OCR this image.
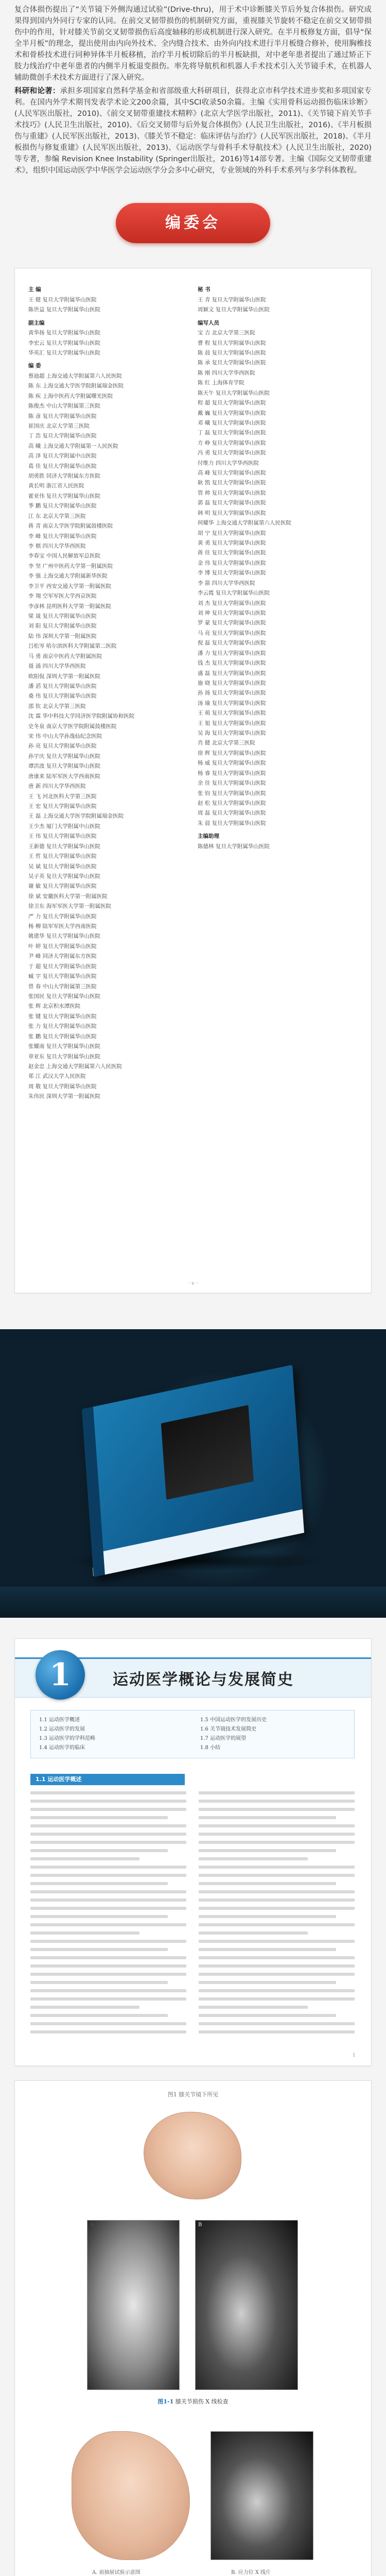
复合体损伤提出了“关节镜下外侧沟通过试验”(Drive-thru)，用于术中诊断膝关节后外复合体损伤。研究成果得到国内外同行专家的认同。在前交叉韧带损伤的机制研究方面，重视膝关节旋转不稳定在前交叉韧带损伤中的作用，针对膝关节前交叉韧带损伤后高度轴移的形成机制进行深入研究。在半月板修复方面，倡导“保全半月板”的理念，提出使用由内向外技术、全内缝合技术、由外向内技术进行半月板缝合修补，使用胸椎技术和骨桥技术进行同种异体半月板移植，治疗半月板切除后的半月板缺损，对中老年患者提出了通过矫正下肢力线治疗中老年患者的内侧半月板退变损伤。率先将导航机和机器人手术技术引入关节镜手术，在机器人辅助微创手术技术方面进行了深入研究。

科研和论著：承担多项国家自然科学基金和省部级重大科研项目，获得北京市科学技术进步奖和多项国家专利。在国内外学术期刊发表学术论文200余篇，其中SCI收录50余篇。主编《实用骨科运动损伤临床诊断》(人民军医出版社，2010)、《前交叉韧带重建技术精粹》(北京大学医学出版社，2011)、《关节镜下肩关节手术技巧》(人民卫生出版社，2010)、《后交叉韧带与后外复合体损伤》(人民卫生出版社，2016)、《半月板损伤与重建》(人民军医出版社，2013)、《膝关节不稳定：临床评估与治疗》(人民军医出版社，2018)、《半月板损伤与修复重建》(人民军医出版社，2013)、《运动医学与骨科手术导航技术》(人民卫生出版社，2020)等专著，参编 Revision Knee Instability (Springer出版社，2016)等14部专著。主编《国际交叉韧带重建术》，组织中国运动医学中华医学会运动医学分会多中心研究，专业领域的外科手术系列与多学科体教程。

编委会
主 编
王 健 复旦大学附属华山医院
陈世益 复旦大学附属华山医院
副主编
黄华扬 复旦大学附属华山医院
李宏云 复旦大学附属华山医院
华英汇 复旦大学附属华山医院
编 委
蔡迪超 上海交通大学附属第六人民医院
陈 东 上海交通大学医学院附属瑞金医院
陈 疾 上海中医药大学附属曙光医院
陈俊杰 中山大学附属第三医院
陈 彦 复旦大学附属华山医院
崔国庆 北京大学第三医院
丁 浩 复旦大学附属华山医院
高 曦 上海交通大学附属第一人民医院
高 泽 复旦大学附属中山医院
葛 佳 复旦大学附属华山医院
胡勇胜 同济大学附属东方医院
黄长明 浙江省人民医院
霍亚伟 复旦大学附属华山医院
季 鹏 复旦大学附属华山医院
江 东 北京大学第三医院
蒋 青 南京大学医学院附属鼓楼医院
李 峰 复旦大学附属华山医院
李 棋 四川大学华西医院
李春宝 中国人民解放军总医院
李 坚 广州中医药大学第一附属医院
李 强 上海交通大学附属新华医院
李卫平 西安交通大学第一附属医院
李 翔 空军军医大学西京医院
李彦林 昆明医科大学第一附属医院
梁 晟 复旦大学附属华山医院
刘 阳 复旦大学附属华山医院
陆 伟 深圳大学第一附属医院
吕松岑 哈尔滨医科大学附属第二医院
马 勇 南京中医药大学附属医院
聂 涌 四川大学华西医院
欧阳侃 深圳大学第一附属医院
潘 滔 复旦大学附属华山医院
桑 伟 复旦大学附属华山医院
邵 钦 北京大学第三医院
沈 霖 华中科技大学同济医学院附属协和医院
史冬泉 南京大学医学院附属鼓楼医院
宋 伟 中山大学孙逸仙纪念医院
孙 亮 复旦大学附属华山医院
孙宇庆 复旦大学附属华山医院
谭洪波 复旦大学附属华山医院
唐康来 陆军军医大学西南医院
唐 新 四川大学华西医院
王 飞 河北医科大学第三医院
王 宏 复旦大学附属华山医院
王 磊 上海交通大学医学院附属瑞金医院
王少杰 厦门大学附属中山医院
王 伟 复旦大学附属华山医院
王新德 复旦大学附属华山医院
王 哲 复旦大学附属华山医院
吴 斌 复旦大学附属华山医院
吴子英 复旦大学附属华山医院
谢 敏 复旦大学附属华山医院
徐 斌 安徽医科大学第一附属医院
徐卫东 海军军医大学第一附属医院
严 力 复旦大学附属华山医院
杨 柳 陆军军医大学西南医院
姚建华 复旦大学附属华山医院
叶 婷 复旦大学附属华山医院
尹 峰 同济大学附属东方医院
于 超 复旦大学附属华山医院
臧 宇 复旦大学附属华山医院
曾 春 中山大学附属第三医院
张国民 复旦大学附属华山医院
张 辉 北京积水潭医院
张 键 复旦大学附属华山医院
张 力 复旦大学附属华山医院
张 鹏 复旦大学附属华山医院
张耀南 复旦大学附属华山医院
章亚东 复旦大学附属华山医院
赵金忠 上海交通大学附属第六人民医院
郑 江 武汉大学人民医院
周 敬 复旦大学附属华山医院
朱伟民 深圳大学第一附属医院
秘 书
王 青 复旦大学附属华山医院
周颖文 复旦大学附属华山医院
编写人员
宝 吉 北京大学第三医院
曹 程 复旦大学附属华山医院
陈 晨 复旦大学附属华山医院
陈 承 复旦大学附属华山医院
陈 刚 四川大学华西医院
陈 红 上海体育学院
陈天午 复旦大学附属华山医院
程 超 复旦大学附属华山医院
戴 巍 复旦大学附属华山医院
邓 曦 复旦大学附属华山医院
丁 磊 复旦大学附属华山医院
方 峥 复旦大学附属华山医院
冯 勇 复旦大学附属华山医院
付维力 四川大学华西医院
高 峰 复旦大学附属华山医院
耿 凯 复旦大学附属华山医院
管 帅 复旦大学附属华山医院
郭 磊 复旦大学附属华山医院
韩 明 复旦大学附属华山医院
何耀华 上海交通大学附属第六人民医院
胡 宁 复旦大学附属华山医院
黄 勇 复旦大学附属华山医院
蒋 佳 复旦大学附属华山医院
金 伟 复旦大学附属华山医院
李 博 复旦大学附属华山医院
李 箭 四川大学华西医院
李云霞 复旦大学附属华山医院
刘 杰 复旦大学附属华山医院
刘 珅 复旦大学附属华山医院
罗 蒙 复旦大学附属华山医院
马 亮 复旦大学附属华山医院
倪 磊 复旦大学附属华山医院
潘 力 复旦大学附属华山医院
钱 杰 复旦大学附属华山医院
盛 磊 复旦大学附属华山医院
施 晓 复旦大学附属华山医院
孙 扬 复旦大学附属华山医院
汤 瑜 复旦大学附属华山医院
王 萌 复旦大学附属华山医院
王 旭 复旦大学附属华山医院
吴 海 复旦大学附属华山医院
肖 健 北京大学第三医院
徐 辉 复旦大学附属华山医院
杨 威 复旦大学附属华山医院
杨 睿 复旦大学附属华山医院
余 佳 复旦大学附属华山医院
张 钧 复旦大学附属华山医院
赵 松 复旦大学附属华山医院
周 磊 复旦大学附属华山医院
朱 晨 复旦大学附属华山医院
主编助理
陈德林 复旦大学附属华山医院
· v ·
1	运动医学概论与发展简史
1.1 运动医学概述
1.2 运动医学的发展
1.3 运动医学的学科范畴
1.4 运动医学的临床
1.5 中国运动医学的发展历史
1.6 关节镜技术发展简史
1.7 运动医学的展望
1.8 小结
1.1 运动医学概述
1
图1 膝关节镜下所见
A	B
图1-1 膝关节损伤 X 线检查
A. 前抽屉试验示意图	B. 应力位 X 线片
